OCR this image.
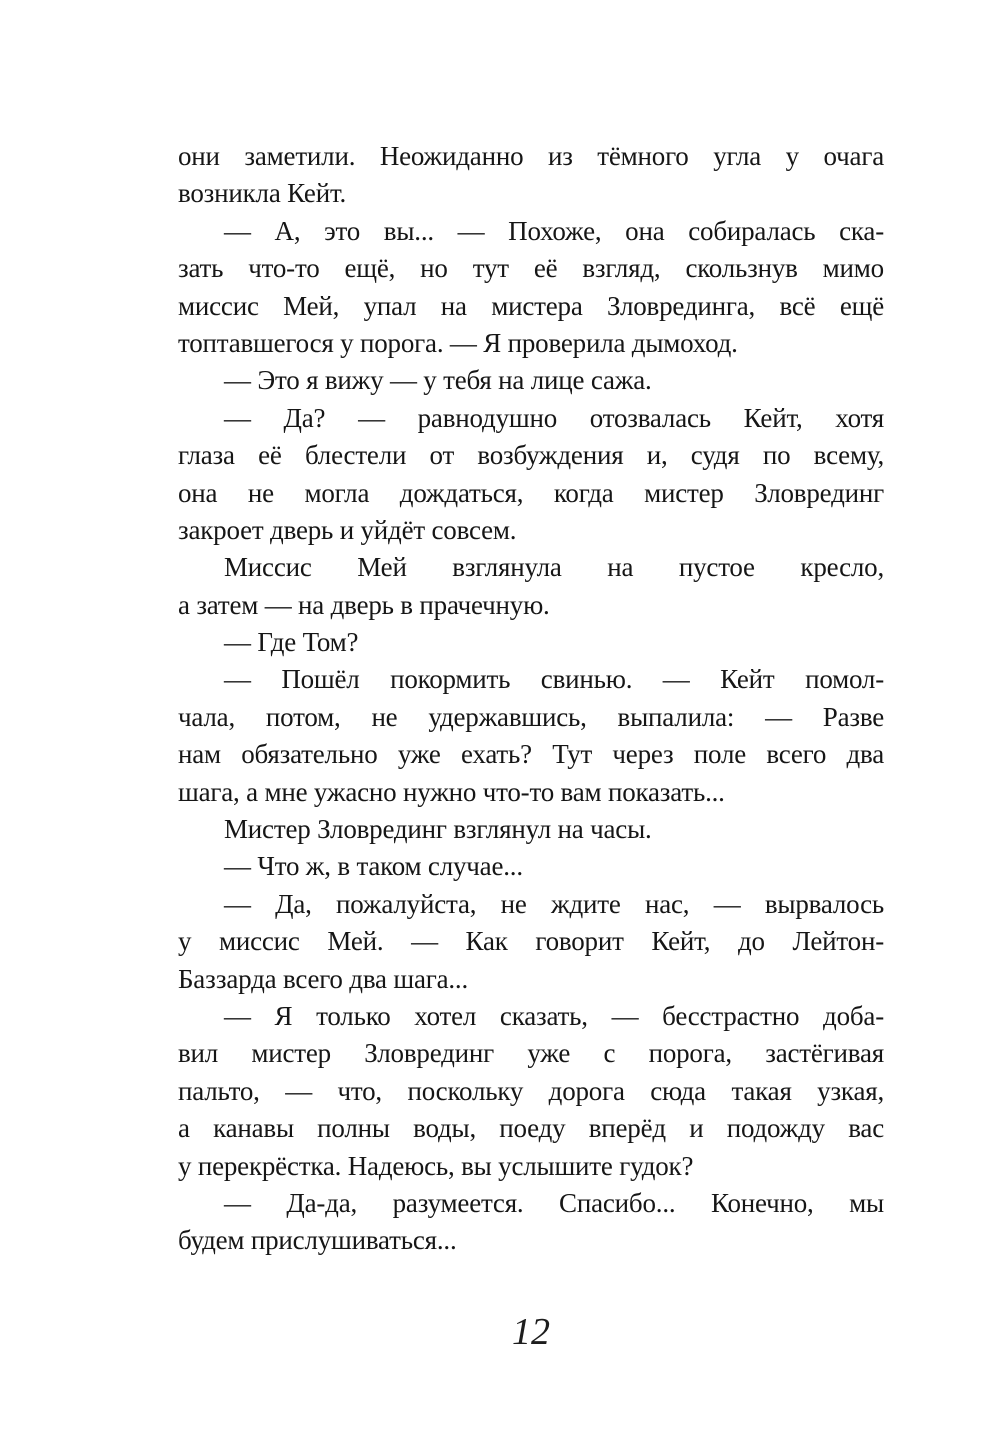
они заметили. Неожиданно из тёмного угла у очага
возникла Кейт.
— А, это вы... — Похоже, она собиралась ска-
зать что-то ещё, но тут её взгляд, скользнув мимо
миссис Мей, упал на мистера Зловрединга, всё ещё
топтавшегося у порога. — Я проверила дымоход.
— Это я вижу — у тебя на лице сажа.
— Да? — равнодушно отозвалась Кейт, хотя
глаза её блестели от возбуждения и, судя по всему,
она не могла дождаться, когда мистер Зловрединг
закроет дверь и уйдёт совсем.
Миссис Мей взглянула на пустое кресло,
а затем — на дверь в прачечную.
— Где Том?
— Пошёл покормить свинью. — Кейт помол-
чала, потом, не удержавшись, выпалила: — Разве
нам обязательно уже ехать? Тут через поле всего два
шага, а мне ужасно нужно что-то вам показать...
Мистер Зловрединг взглянул на часы.
— Что ж, в таком случае...
— Да, пожалуйста, не ждите нас, — вырвалось
у миссис Мей. — Как говорит Кейт, до Лейтон-
Баззарда всего два шага...
— Я только хотел сказать, — бесстрастно доба-
вил мистер Зловрединг уже с порога, застёгивая
пальто, — что, поскольку дорога сюда такая узкая,
а канавы полны воды, поеду вперёд и подожду вас
у перекрёстка. Надеюсь, вы услышите гудок?
— Да-да, разумеется. Спасибо... Конечно, мы
будем прислушиваться...
12
